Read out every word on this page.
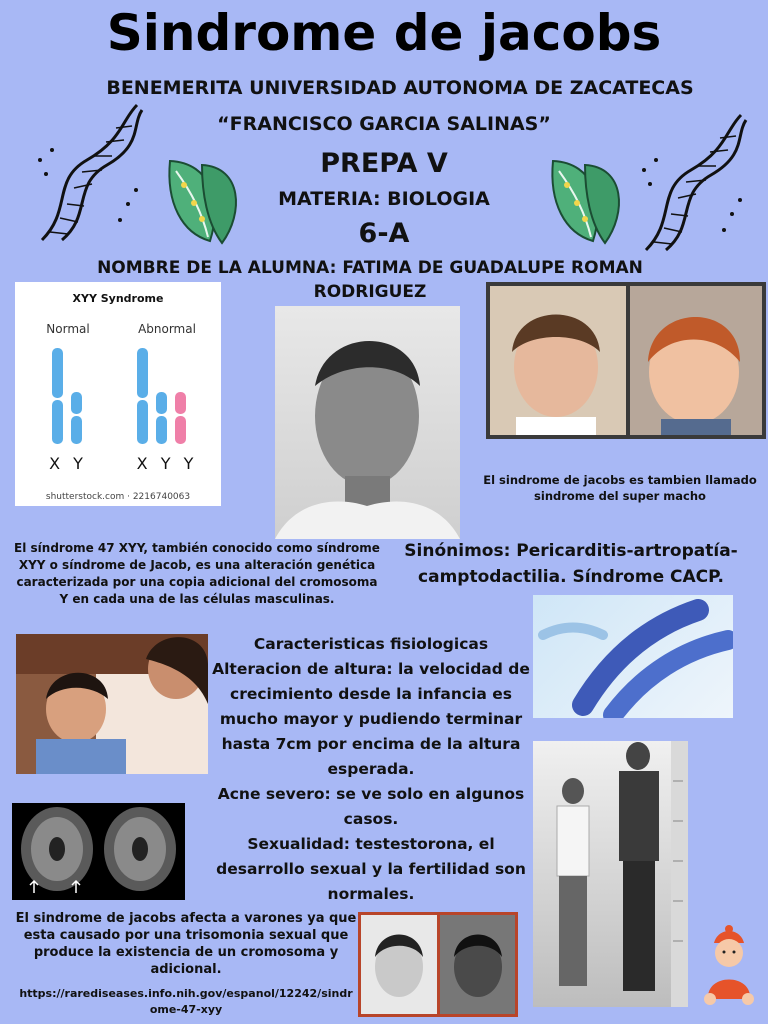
Sindrome de jacobs
BENEMERITA UNIVERSIDAD AUTONOMA DE ZACATECAS
“FRANCISCO GARCIA SALINAS”
PREPA V
MATERIA: BIOLOGIA
6-A
NOMBRE DE LA ALUMNA: FATIMA DE GUADALUPE ROMAN RODRIGUEZ
XYY Syndrome
Normal	Abnormal
X Y	X Y Y
shutterstock.com · 2216740063
El sindrome de jacobs es tambien llamado sindrome del super macho
El síndrome 47 XYY, también conocido como síndrome XYY o síndrome de Jacob, es una alteración genética caracterizada por una copia adicional del cromosoma Y en cada una de las células masculinas.
Sinónimos: Pericarditis-artropatía-camptodactilia. Síndrome CACP.
Caracteristicas fisiologicas
Alteracion de altura: la velocidad de crecimiento desde la infancia es mucho mayor y pudiendo terminar hasta 7cm por encima de la altura esperada.
Acne severo: se ve solo en algunos casos.
Sexualidad: testestorona, el desarrollo sexual y la fertilidad son normales.
El sindrome de jacobs afecta a varones ya que esta causado por una trisomonia sexual que produce la existencia de un cromosoma y adicional.
https://rarediseases.info.nih.gov/espanol/12242/sindrome-47-xyy
